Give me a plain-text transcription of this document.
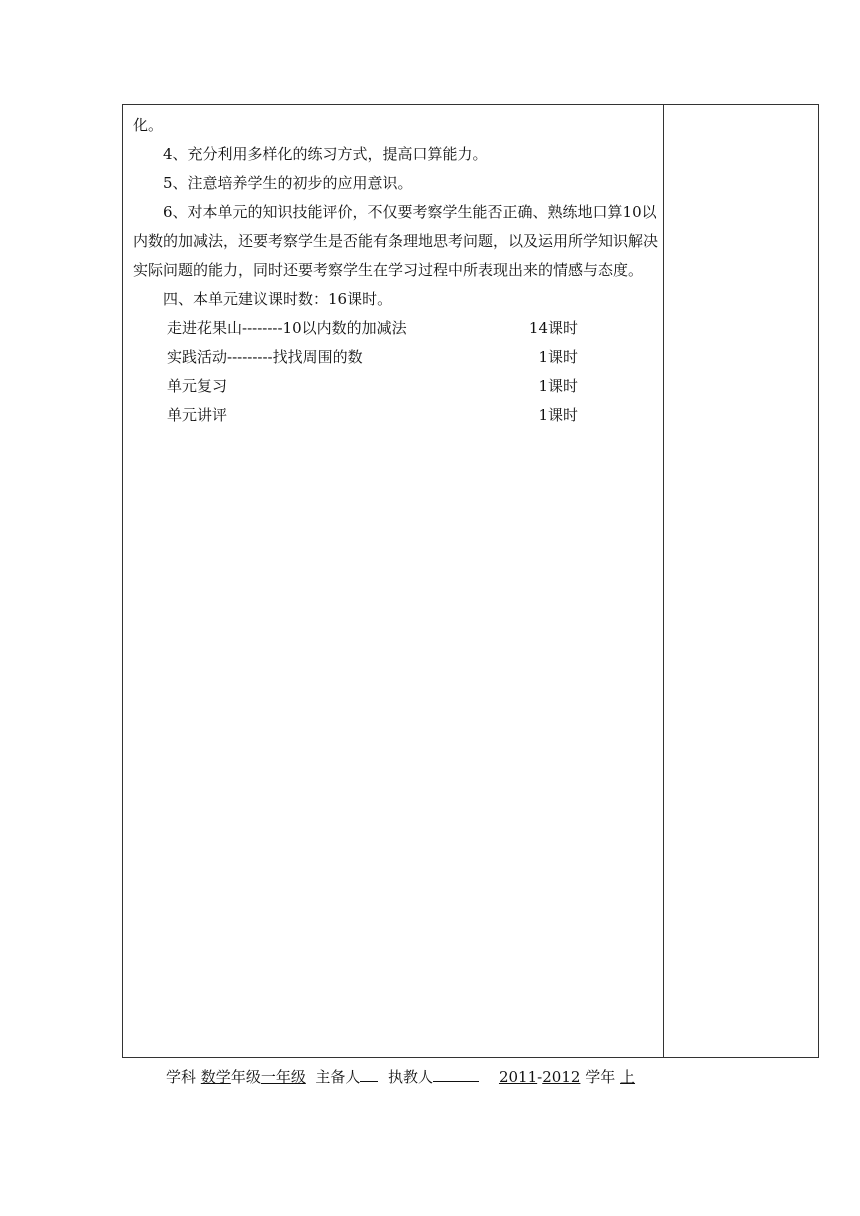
化。

4、充分利用多样化的练习方式，提高口算能力。

5、注意培养学生的初步的应用意识。

6、对本单元的知识技能评价，不仅要考察学生能否正确、熟练地口算10以内数的加减法，还要考察学生是否能有条理地思考问题，以及运用所学知识解决实际问题的能力，同时还要考察学生在学习过程中所表现出来的情感与态度。

四、本单元建议课时数：16课时。

走进花果山--------10以内数的加减法	14课时
实践活动---------找找周围的数	1课时
单元复习	1课时
单元讲评	1课时
学科 数学年级一年级 主备人 执教人	2011-2012 学年 上
